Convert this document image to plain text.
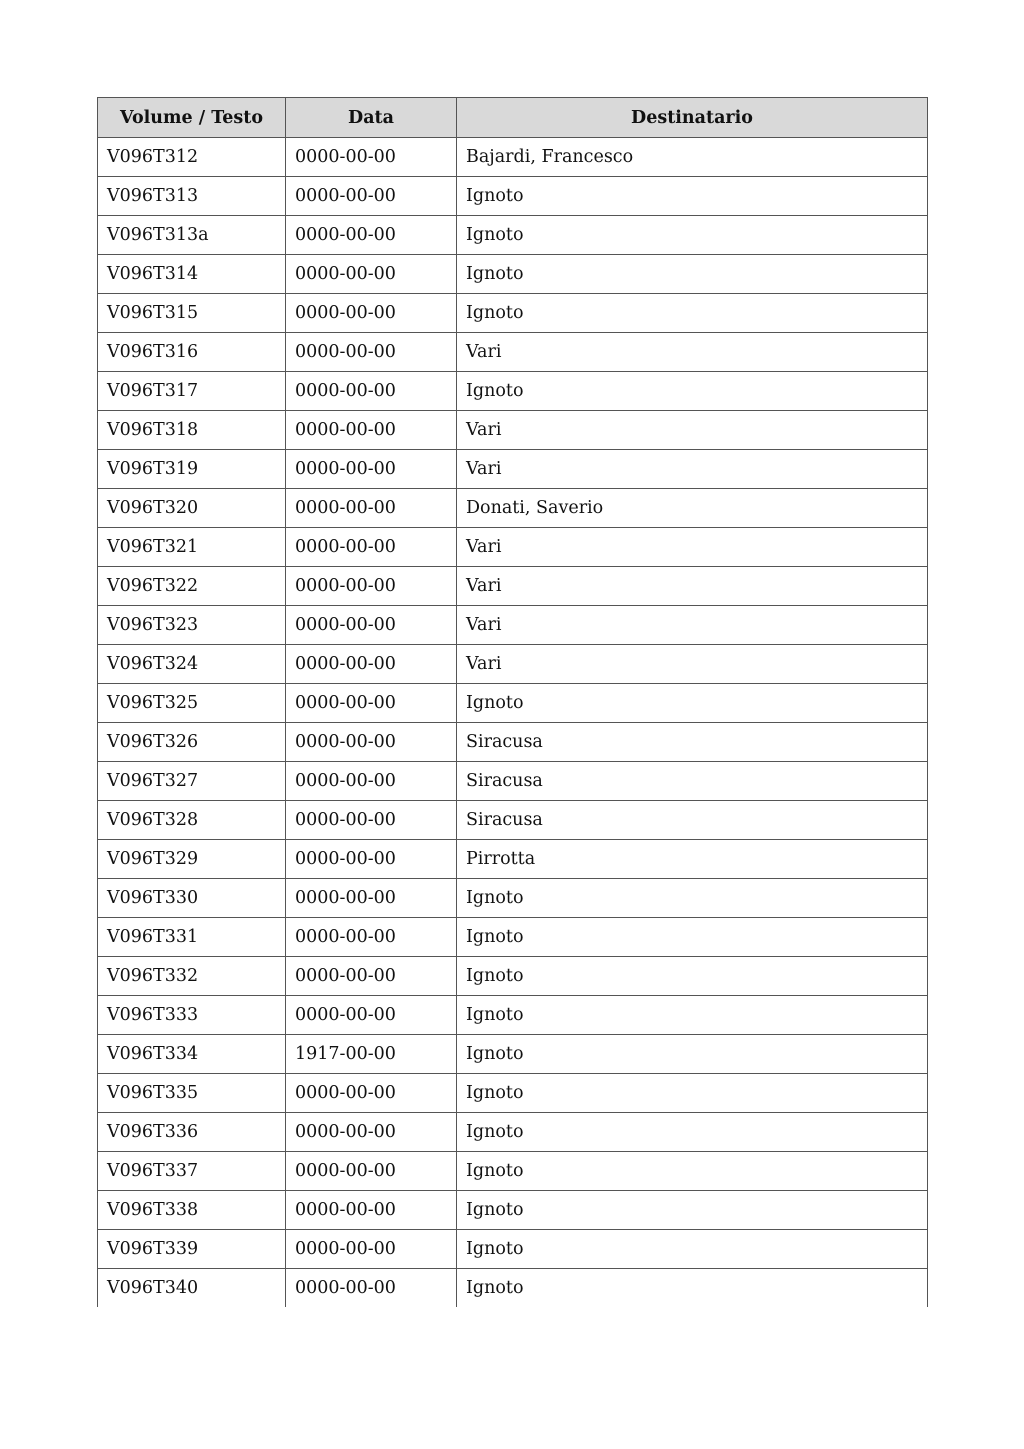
Volume / Testo	Data	Destinatario
V096T312	0000-00-00	Bajardi, Francesco
V096T313	0000-00-00	Ignoto
V096T313a	0000-00-00	Ignoto
V096T314	0000-00-00	Ignoto
V096T315	0000-00-00	Ignoto
V096T316	0000-00-00	Vari
V096T317	0000-00-00	Ignoto
V096T318	0000-00-00	Vari
V096T319	0000-00-00	Vari
V096T320	0000-00-00	Donati, Saverio
V096T321	0000-00-00	Vari
V096T322	0000-00-00	Vari
V096T323	0000-00-00	Vari
V096T324	0000-00-00	Vari
V096T325	0000-00-00	Ignoto
V096T326	0000-00-00	Siracusa
V096T327	0000-00-00	Siracusa
V096T328	0000-00-00	Siracusa
V096T329	0000-00-00	Pirrotta
V096T330	0000-00-00	Ignoto
V096T331	0000-00-00	Ignoto
V096T332	0000-00-00	Ignoto
V096T333	0000-00-00	Ignoto
V096T334	1917-00-00	Ignoto
V096T335	0000-00-00	Ignoto
V096T336	0000-00-00	Ignoto
V096T337	0000-00-00	Ignoto
V096T338	0000-00-00	Ignoto
V096T339	0000-00-00	Ignoto
V096T340	0000-00-00	Ignoto
